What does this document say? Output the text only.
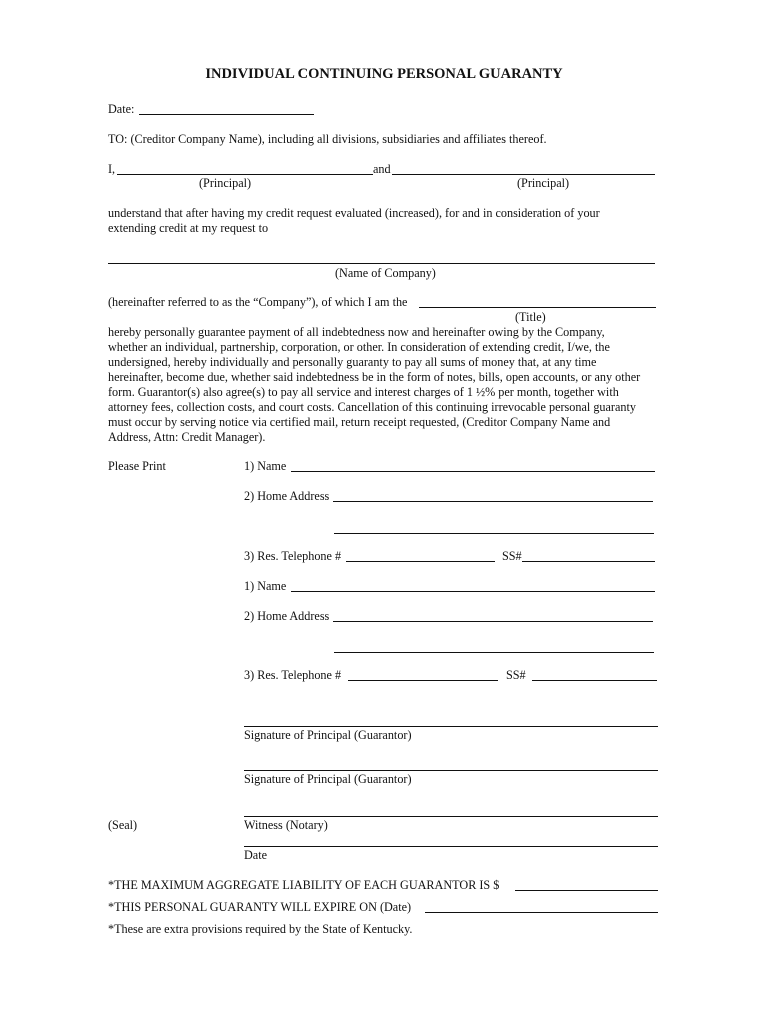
INDIVIDUAL CONTINUING PERSONAL GUARANTY
Date:
TO: (Creditor Company Name), including all divisions, subsidiaries and affiliates thereof.
I,	and
(Principal)	(Principal)
understand that after having my credit request evaluated (increased), for and in consideration of your
extending credit at my request to
(Name of Company)
(hereinafter referred to as the “Company”), of which I am the
(Title)
hereby personally guarantee payment of all indebtedness now and hereinafter owing by the Company,
whether an individual, partnership, corporation, or other. In consideration of extending credit, I/we, the
undersigned, hereby individually and personally guaranty to pay all sums of money that, at any time
hereinafter, become due, whether said indebtedness be in the form of notes, bills, open accounts, or any other
form. Guarantor(s) also agree(s) to pay all service and interest charges of 1 ½% per month, together with
attorney fees, collection costs, and court costs. Cancellation of this continuing irrevocable personal guaranty
must occur by serving notice via certified mail, return receipt requested, (Creditor Company Name and
Address, Attn: Credit Manager).
Please Print	1) Name
2) Home Address
3) Res. Telephone #	SS#
1) Name
2) Home Address
3) Res. Telephone #	SS#
Signature of Principal (Guarantor)
Signature of Principal (Guarantor)
(Seal)	Witness (Notary)
Date
*THE MAXIMUM AGGREGATE LIABILITY OF EACH GUARANTOR IS $
*THIS PERSONAL GUARANTY WILL EXPIRE ON (Date)
*These are extra provisions required by the State of Kentucky.
